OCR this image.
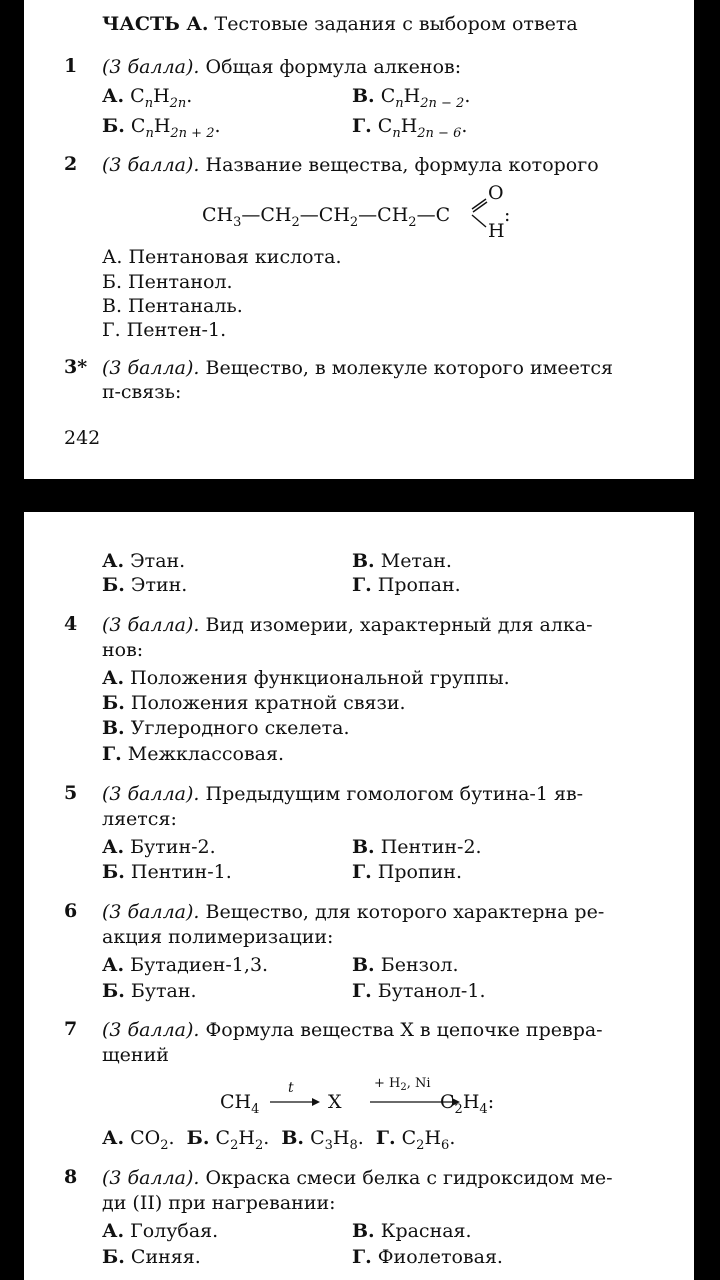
ЧАСТЬ А. Тестовые задания с выбором ответа
1 (3 балла). Общая формула алкенов:
А. $C_nH_{2n}$.	В. $C_nH_{2n - 2}$.
Б. $C_nH_{2n + 2}$.	Г. $C_nH_{2n - 6}$.
2 (3 балла). Название вещества, формула которого
$CH_3—CH_2—CH_2—CH_2—C$
O
H
:
А. Пентановая кислота.
Б. Пентанол.
В. Пентаналь.
Г. Пентен-1.
3* (3 балла). Вещество, в молекуле которого имеется
π-связь:
242
А. Этан.	В. Метан.
Б. Этин.	Г. Пропан.
4 (3 балла). Вид изомерии, характерный для алка-
нов:
А. Положения функциональной группы.
Б. Положения кратной связи.
В. Углеродного скелета.
Г. Межклассовая.
5 (3 балла). Предыдущим гомологом бутина-1 яв-
ляется:
А. Бутин-2.	В. Пентин-2.
Б. Пентин-1.	Г. Пропин.
6 (3 балла). Вещество, для которого характерна ре-
акция полимеризации:
А. Бутадиен-1,3.	В. Бензол.
Б. Бутан.	Г. Бутанол-1.
7 (3 балла). Формула вещества X в цепочке превра-
щений
$CH_4$
t
X
+ $H_2$, Ni
$C_2H_4$:
А. $CO_2$. Б. $C_2H_2$. В. $C_3H_8$. Г. $C_2H_6$.
8 (3 балла). Окраска смеси белка с гидроксидом ме-
ди (II) при нагревании:
А. Голубая.	В. Красная.
Б. Синяя.	Г. Фиолетовая.
